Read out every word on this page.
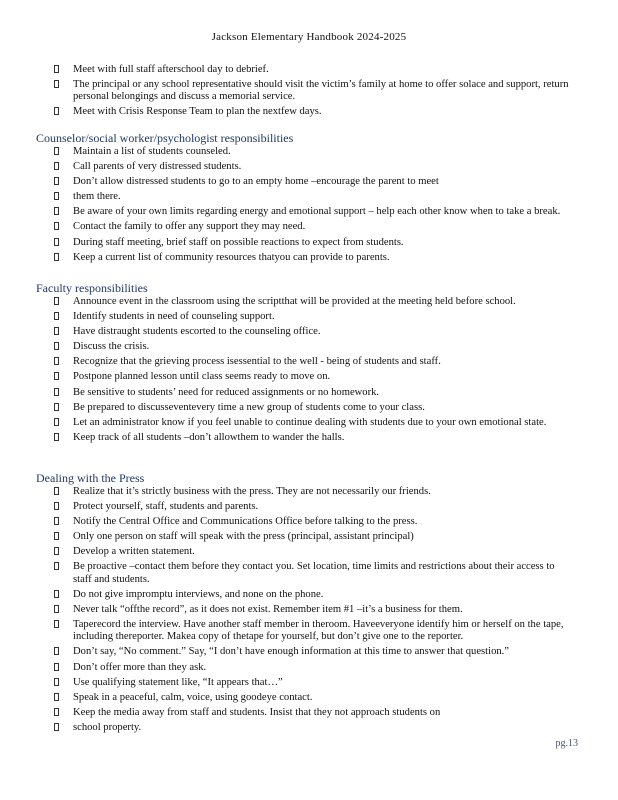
Jackson Elementary Handbook 2024-2025
Meet with full staff afterschool day to debrief.
The principal or any school representative should visit the victim’s family at home to offer solace and support, return personal belongings and discuss a memorial service.
Meet with Crisis Response Team to plan the nextfew days.
Counselor/social worker/psychologist responsibilities
Maintain a list of students counseled.
Call parents of very distressed students.
Don’t allow distressed students to go to an empty home –encourage the parent to meet
them there.
Be aware of your own limits regarding energy and emotional support – help each other know when to take a break.
Contact the family to offer any support they may need.
During staff meeting, brief staff on possible reactions to expect from students.
Keep a current list of community resources thatyou can provide to parents.
Faculty responsibilities
Announce event in the classroom using the scriptthat will be provided at the meeting held before school.
Identify students in need of counseling support.
Have distraught students escorted to the counseling office.
Discuss the crisis.
Recognize that the grieving process isessential to the well - being of students and staff.
Postpone planned lesson until class seems ready to move on.
Be sensitive to students’ need for reduced assignments or no homework.
Be prepared to discusseventevery time a new group of students come to your class.
Let an administrator know if you feel unable to continue dealing with students due to your own emotional state.
Keep track of all students –don’t allowthem to wander the halls.
Dealing with the Press
Realize that it’s strictly business with the press. They are not necessarily our friends.
Protect yourself, staff, students and parents.
Notify the Central Office and Communications Office before talking to the press.
Only one person on staff will speak with the press (principal, assistant principal)
Develop a written statement.
Be proactive –contact them before they contact you. Set location, time limits and restrictions about their access to staff and students.
Do not give impromptu interviews, and none on the phone.
Never talk “offthe record”, as it does not exist. Remember item #1 –it’s a business for them.
Taperecord the interview. Have another staff member in theroom. Haveeveryone identify him or herself on the tape, including thereporter. Makea copy of thetape for yourself, but don’t give one to the reporter.
Don’t say, “No comment.” Say, “I don’t have enough information at this time to answer that question.”
Don’t offer more than they ask.
Use qualifying statement like, “It appears that…”
Speak in a peaceful, calm, voice, using goodeye contact.
Keep the media away from staff and students. Insist that they not approach students on
school property.
pg.13
